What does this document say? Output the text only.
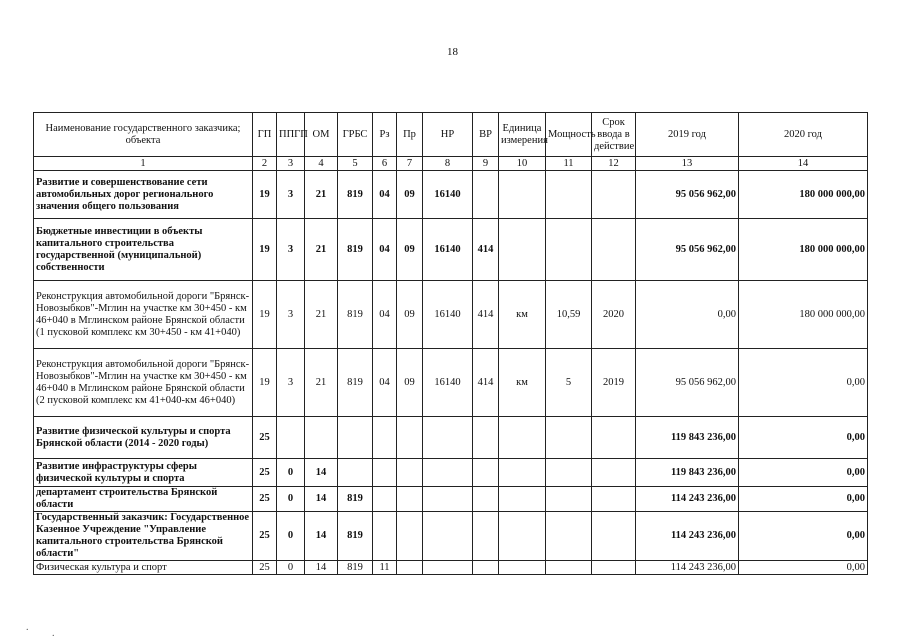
18
Наименование государственного заказчика; объекта	ГП	ППГП	ОМ	ГРБС	Рз	Пр	НР	ВР	Единица измерения	Мощность	Срок ввода в действие	2019 год	2020 год
1	2	3	4	5	6	7	8	9	10	11	12	13	14
Развитие и совершенствование сети автомобильных дорог регионального значения общего пользования	19	3	21	819	04	09	16140					95 056 962,00	180 000 000,00
Бюджетные инвестиции в объекты капитального строительства государственной (муниципальной) собственности	19	3	21	819	04	09	16140	414				95 056 962,00	180 000 000,00
Реконструкция автомобильной дороги "Брянск-Новозыбков"-Мглин на участке км 30+450 - км 46+040 в Мглинском районе Брянской области (1 пусковой комплекс км 30+450 - км 41+040)	19	3	21	819	04	09	16140	414	км	10,59	2020	0,00	180 000 000,00
Реконструкция автомобильной дороги "Брянск-Новозыбков"-Мглин на участке км 30+450 - км 46+040 в Мглинском районе Брянской области (2 пусковой комплекс км 41+040-км 46+040)	19	3	21	819	04	09	16140	414	км	5	2019	95 056 962,00	0,00
Развитие физической культуры и спорта Брянской области (2014 - 2020 годы)	25											119 843 236,00	0,00
Развитие инфраструктуры сферы физической культуры и спорта	25	0	14									119 843 236,00	0,00
департамент строительства Брянской области	25	0	14	819								114 243 236,00	0,00
Государственный заказчик: Государственное Казенное Учреждение "Управление капитального строительства Брянской области"	25	0	14	819								114 243 236,00	0,00
Физическая культура и спорт	25	0	14	819	11							114 243 236,00	0,00
.
.
